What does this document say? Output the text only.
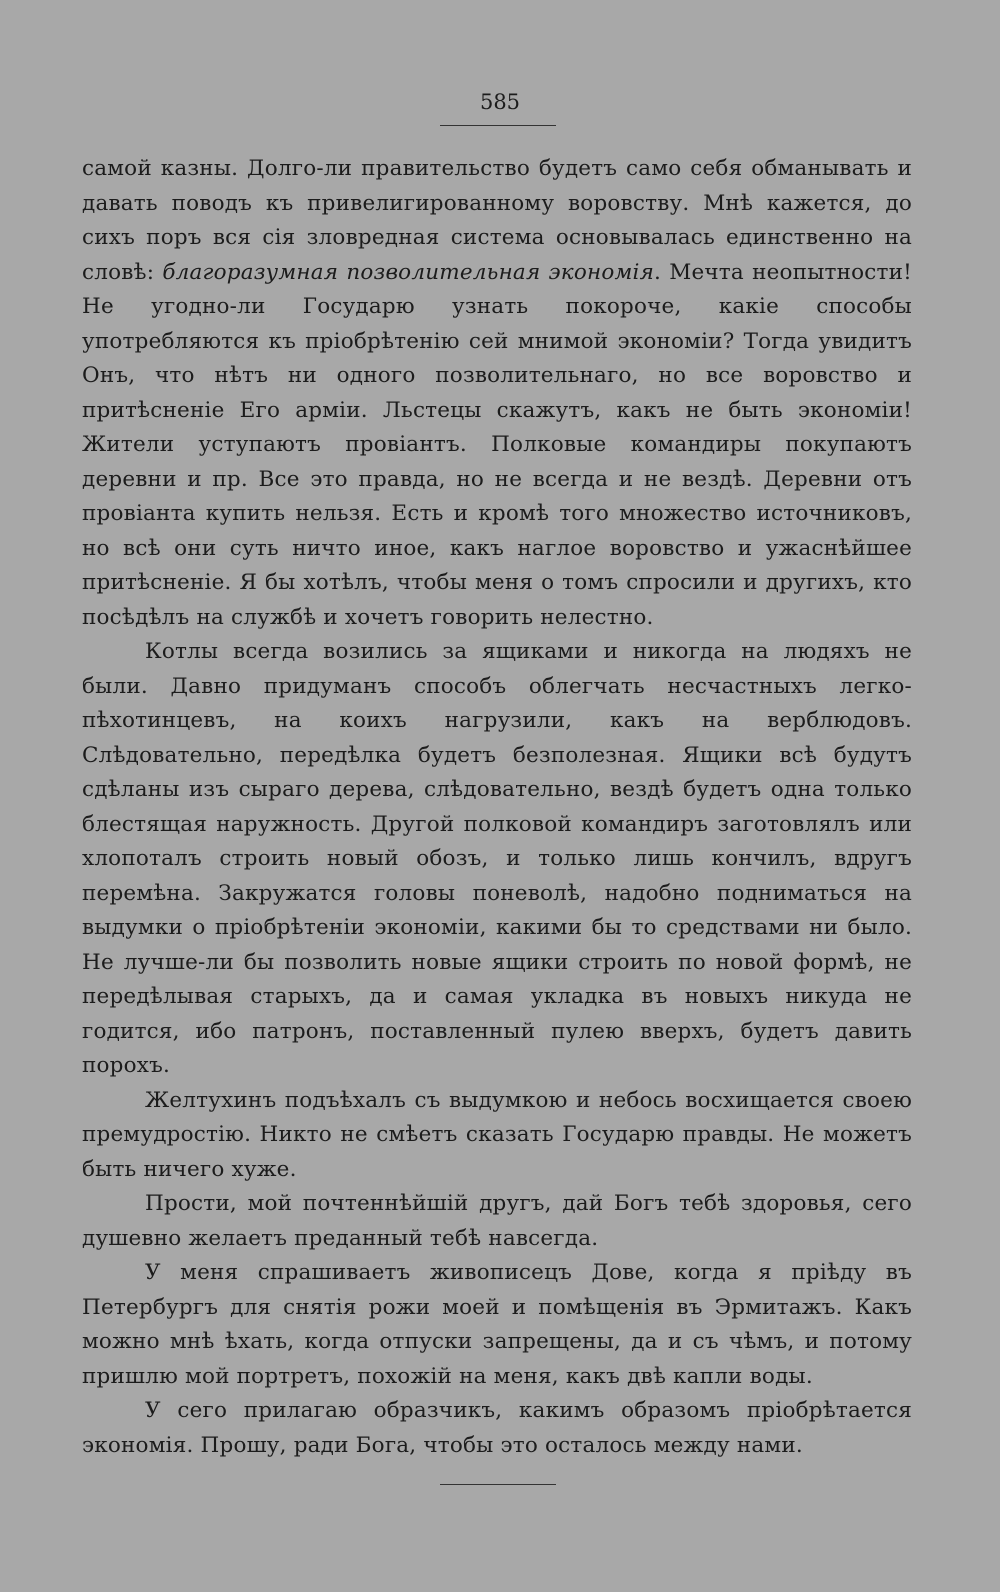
585

самой казны. Долго-ли правительство будетъ само себя обманывать и давать поводъ къ привелигированному воровству. Мнѣ кажется, до сихъ поръ вся сія зловредная система основывалась единственно на словѣ: благоразумная позволительная экономія. Мечта неопытности! Не угодно-ли Государю узнать покороче, какіе способы употребляются къ пріобрѣтенію сей мнимой экономіи? Тогда увидитъ Онъ, что нѣтъ ни одного позволительнаго, но все воровство и притѣсненіе Его арміи. Льстецы скажутъ, какъ не быть экономіи! Жители уступаютъ провіантъ. Полковые командиры покупаютъ деревни и пр. Все это правда, но не всегда и не вездѣ. Деревни отъ провіанта купить нельзя. Есть и кромѣ того множество источниковъ, но всѣ они суть ничто иное, какъ наглое воровство и ужаснѣйшее притѣсненіе. Я бы хотѣлъ, чтобы меня о томъ спросили и другихъ, кто посѣдѣлъ на службѣ и хочетъ говорить нелестно.

Котлы всегда возились за ящиками и никогда на людяхъ не были. Давно придуманъ способъ облегчать несчастныхъ легко-пѣхотинцевъ, на коихъ нагрузили, какъ на верблюдовъ. Слѣдовательно, передѣлка будетъ безполезная. Ящики всѣ будутъ сдѣланы изъ сыраго дерева, слѣдовательно, вездѣ будетъ одна только блестящая наружность. Другой полковой командиръ заготовлялъ или хлопоталъ строить новый обозъ, и только лишь кончилъ, вдругъ перемѣна. Закружатся головы поневолѣ, надобно подниматься на выдумки о пріобрѣтеніи экономіи, какими бы то средствами ни было. Не лучше-ли бы позволить новые ящики строить по новой формѣ, не передѣлывая старыхъ, да и самая укладка въ новыхъ никуда не годится, ибо патронъ, поставленный пулею вверхъ, будетъ давить порохъ.

Желтухинъ подъѣхалъ съ выдумкою и небось восхищается своею премудростію. Никто не смѣетъ сказать Государю правды. Не можетъ быть ничего хуже.

Прости, мой почтеннѣйшій другъ, дай Богъ тебѣ здоровья, сего душевно желаетъ преданный тебѣ навсегда.

У меня спрашиваетъ живописецъ Дове, когда я пріѣду въ Петербургъ для снятія рожи моей и помѣщенія въ Эрмитажъ. Какъ можно мнѣ ѣхать, когда отпуски запрещены, да и съ чѣмъ, и потому пришлю мой портретъ, похожій на меня, какъ двѣ капли воды.

У сего прилагаю образчикъ, какимъ образомъ пріобрѣтается экономія. Прошу, ради Бога, чтобы это осталось между нами.
